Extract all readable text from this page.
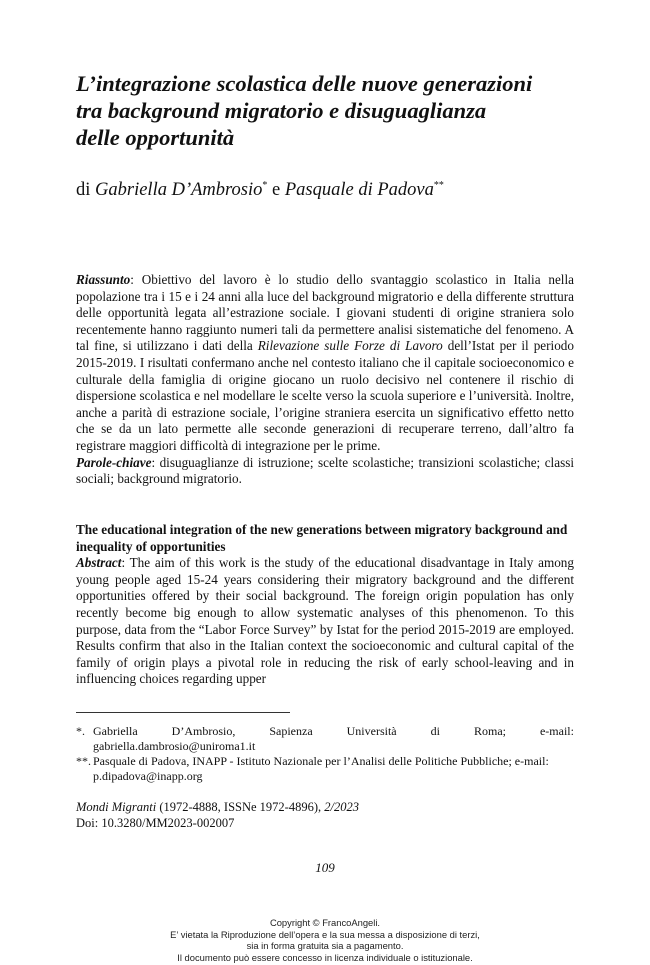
L’integrazione scolastica delle nuove generazioni
tra background migratorio e disuguaglianza
delle opportunità
di Gabriella D’Ambrosio* e Pasquale di Padova**
Riassunto: Obiettivo del lavoro è lo studio dello svantaggio scolastico in Italia nella popolazione tra i 15 e i 24 anni alla luce del background migratorio e della differente struttura delle opportunità legata all’estrazione sociale. I giovani studenti di origine straniera solo recentemente hanno raggiunto numeri tali da permettere analisi sistematiche del fenomeno. A tal fine, si utilizzano i dati della Rilevazione sulle Forze di Lavoro dell’Istat per il periodo 2015-2019. I risultati confermano anche nel contesto italiano che il capitale socioeconomico e culturale della famiglia di origine giocano un ruolo decisivo nel contenere il rischio di dispersione scolastica e nel modellare le scelte verso la scuola superiore e l’università. Inoltre, anche a parità di estrazione sociale, l’origine straniera esercita un significativo effetto netto che se da un lato permette alle seconde generazioni di recuperare terreno, dall’altro fa registrare maggiori difficoltà di integrazione per le prime.
Parole-chiave: disuguaglianze di istruzione; scelte scolastiche; transizioni scolastiche; classi sociali; background migratorio.
The educational integration of the new generations between migratory background and inequality of opportunities
Abstract: The aim of this work is the study of the educational disadvantage in Italy among young people aged 15-24 years considering their migratory background and the different opportunities offered by their social background. The foreign origin population has only recently become big enough to allow systematic analyses of this phenomenon. To this purpose, data from the “Labor Force Survey” by Istat for the period 2015-2019 are employed. Results confirm that also in the Italian context the socioeconomic and cultural capital of the family of origin plays a pivotal role in reducing the risk of early school-leaving and in influencing choices regarding upper
*. Gabriella	D’Ambrosio,	Sapienza	Università	di	Roma;	e-mail:
gabriella.dambrosio@uniroma1.it
**. Pasquale di Padova, INAPP - Istituto Nazionale per l’Analisi delle Politiche Pubbliche; e-mail: p.dipadova@inapp.org
Mondi Migranti (1972-4888, ISSNe 1972-4896), 2/2023
Doi: 10.3280/MM2023-002007
109
Copyright © FrancoAngeli.
E’ vietata la Riproduzione dell’opera e la sua messa a disposizione di terzi,
sia in forma gratuita sia a pagamento.
Il documento può essere concesso in licenza individuale o istituzionale.
